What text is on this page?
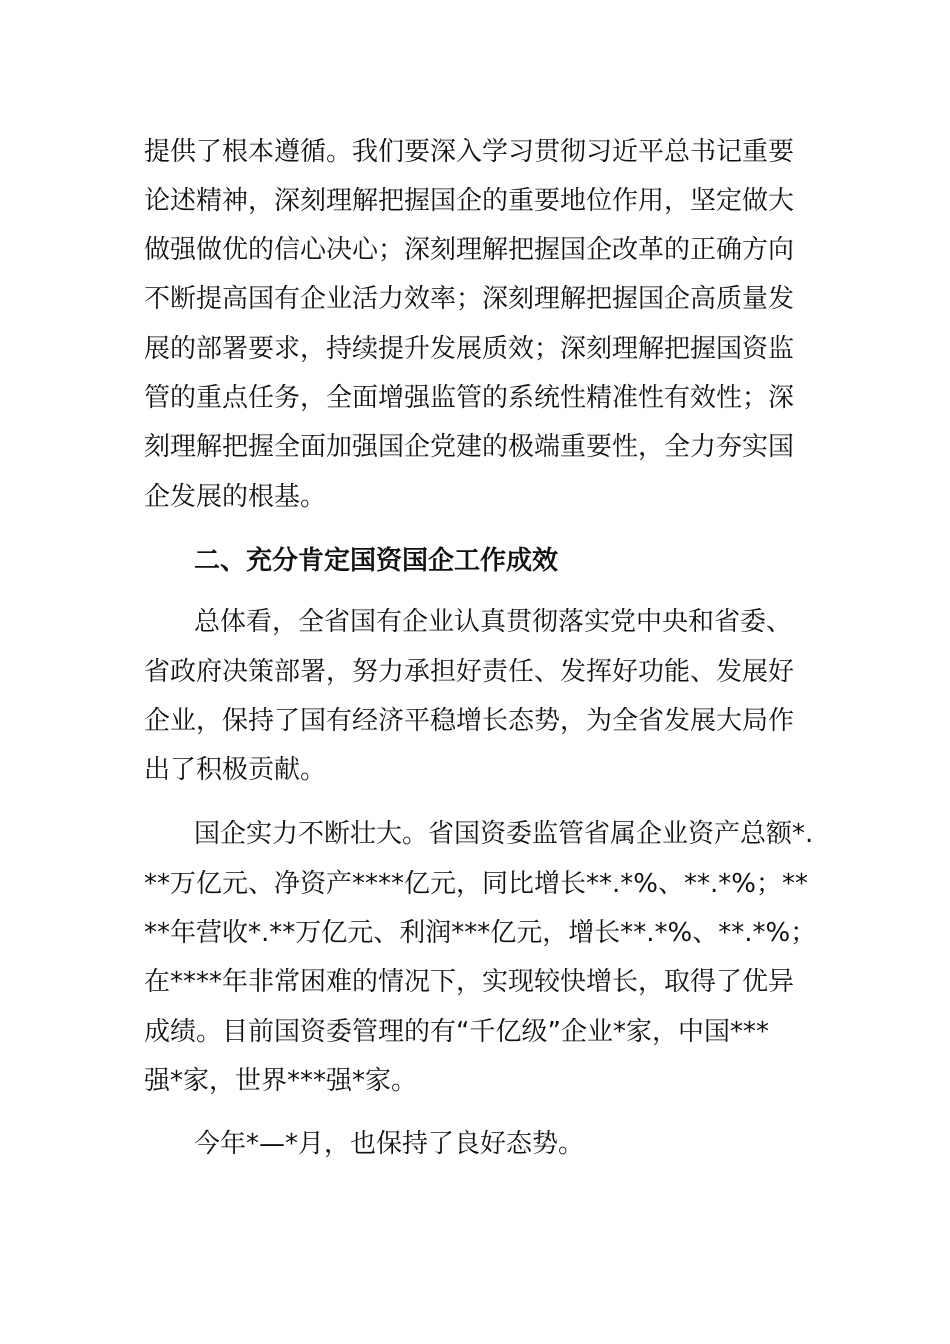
提供了根本遵循。我们要深入学习贯彻习近平总书记重要
论述精神，深刻理解把握国企的重要地位作用，坚定做大
做强做优的信心决心；深刻理解把握国企改革的正确方向
不断提高国有企业活力效率；深刻理解把握国企高质量发
展的部署要求，持续提升发展质效；深刻理解把握国资监
管的重点任务，全面增强监管的系统性精准性有效性；深
刻理解把握全面加强国企党建的极端重要性，全力夯实国
企发展的根基。
二、充分肯定国资国企工作成效
总体看，全省国有企业认真贯彻落实党中央和省委、
省政府决策部署，努力承担好责任、发挥好功能、发展好
企业，保持了国有经济平稳增长态势，为全省发展大局作
出了积极贡献。
国企实力不断壮大。省国资委监管省属企业资产总额*.
**万亿元、净资产****亿元，同比增长**.*%、**.*%；**
**年营收*.**万亿元、利润***亿元，增长**.*%、**.*%；
在****年非常困难的情况下，实现较快增长，取得了优异
成绩。目前国资委管理的有“千亿级”企业*家，中国***
强*家，世界***强*家。
今年*—*月，也保持了良好态势。
